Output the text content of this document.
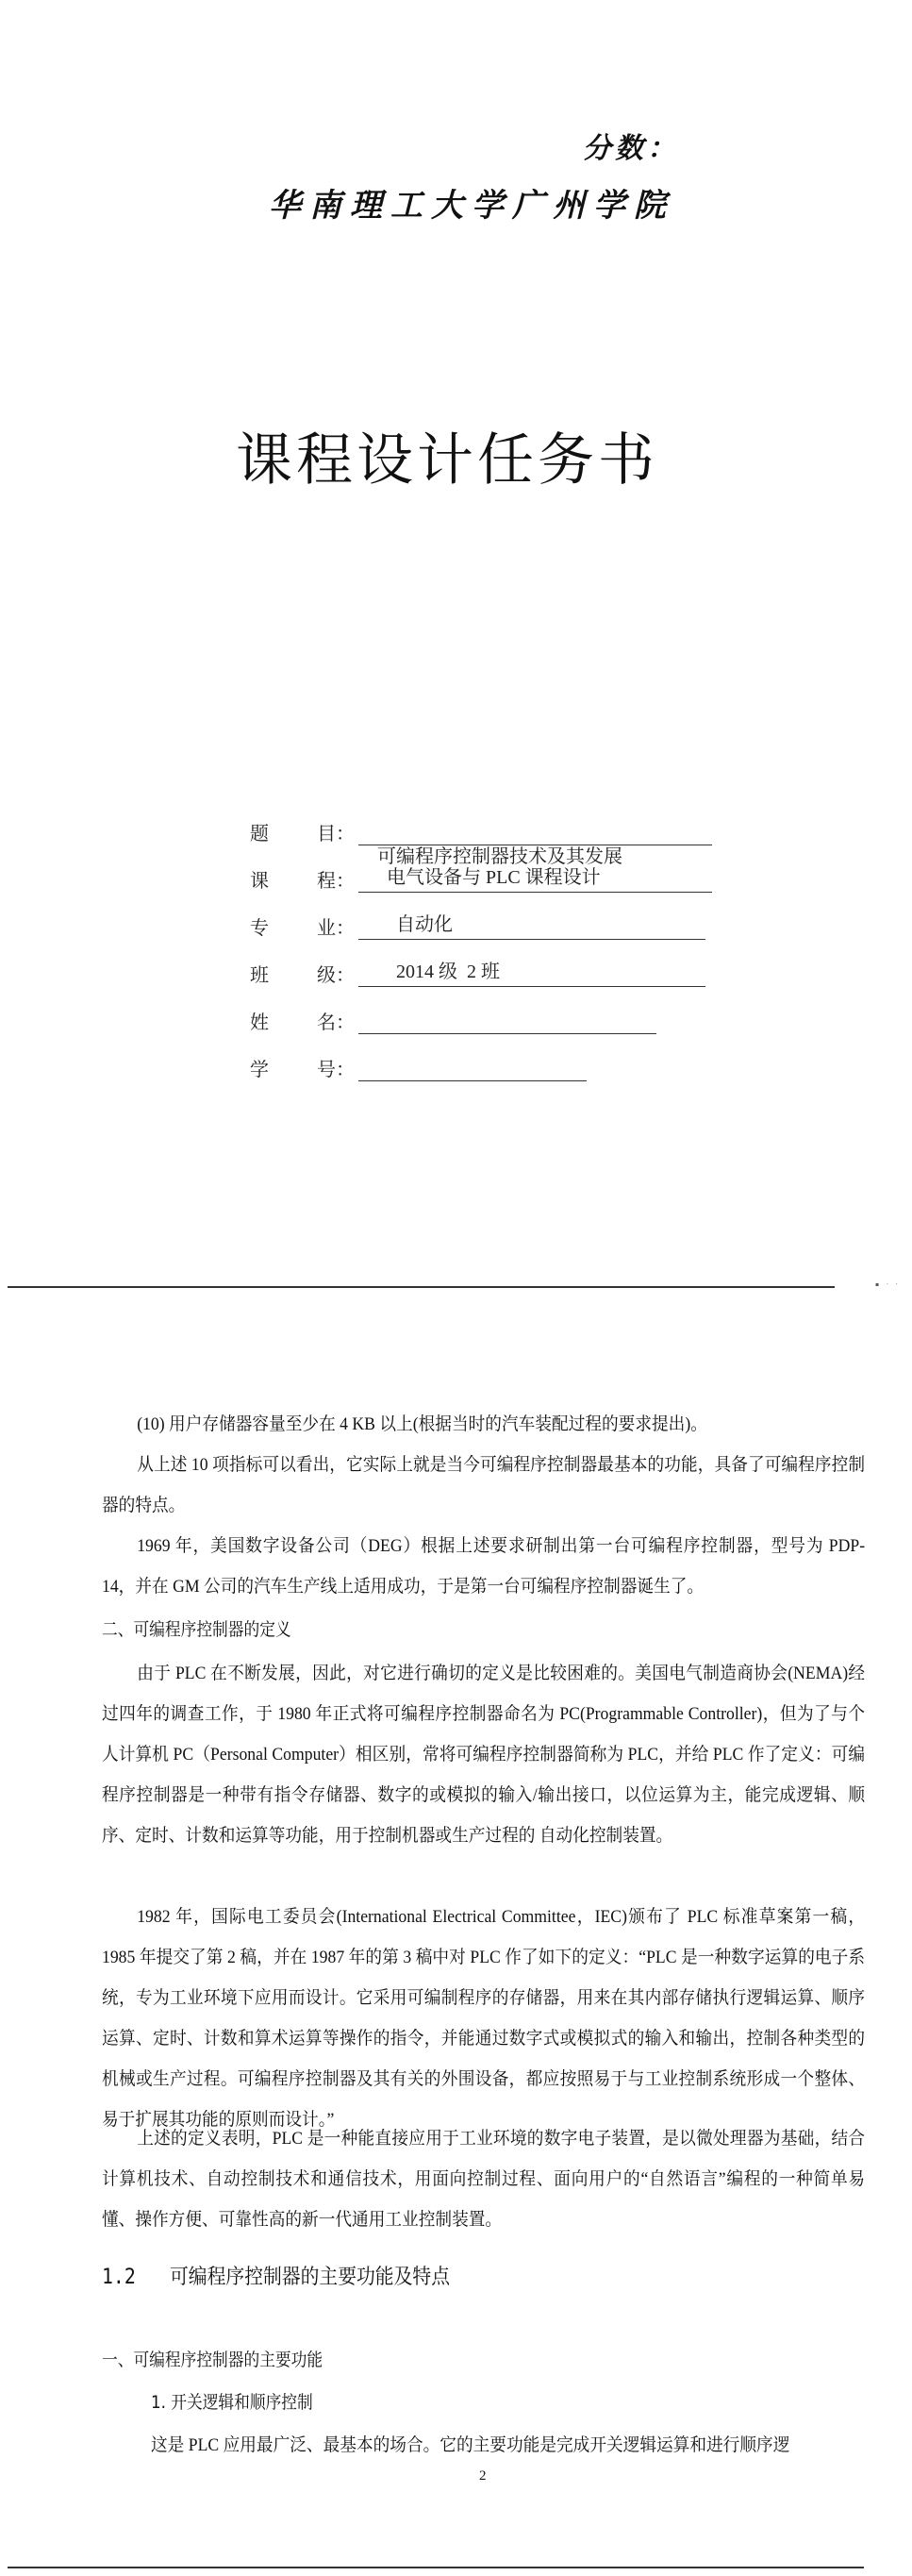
分数：
华南理工大学广州学院
课程设计任务书
题	目：

可编程序控制器技术及其发展

课	程：	电气设备与 PLC 课程设计
专	业：	自动化
班	级：	2014 级  2 班
姓	名：
学	号：
▪ · ·
(10) 用户存储器容量至少在 4 KB 以上(根据当时的汽车装配过程的要求提出)。
从上述 10 项指标可以看出，它实际上就是当今可编程序控制器最基本的功能，具备了可编程序控制器的特点。
1969 年，美国数字设备公司（DEG）根据上述要求研制出第一台可编程序控制器，型号为 PDP-14，并在 GM 公司的汽车生产线上适用成功，于是第一台可编程序控制器诞生了。
二、可编程序控制器的定义
由于 PLC 在不断发展，因此，对它进行确切的定义是比较困难的。美国电气制造商协会(NEMA)经过四年的调查工作，于 1980 年正式将可编程序控制器命名为 PC(Programmable Controller)，但为了与个人计算机 PC（Personal Computer）相区别，常将可编程序控制器简称为 PLC，并给 PLC 作了定义：可编程序控制器是一种带有指令存储器、数字的或模拟的输入/输出接口，以位运算为主，能完成逻辑、顺序、定时、计数和运算等功能，用于控制机器或生产过程的 自动化控制装置。
1982 年，国际电工委员会(International Electrical Committee，IEC)颁布了 PLC 标准草案第一稿，1985 年提交了第 2 稿，并在 1987 年的第 3 稿中对 PLC 作了如下的定义：“PLC 是一种数字运算的电子系统，专为工业环境下应用而设计。它采用可编制程序的存储器，用来在其内部存储执行逻辑运算、顺序运算、定时、计数和算术运算等操作的指令，并能通过数字式或模拟式的输入和输出，控制各种类型的机械或生产过程。可编程序控制器及其有关的外围设备，都应按照易于与工业控制系统形成一个整体、易于扩展其功能的原则而设计。”
上述的定义表明，PLC 是一种能直接应用于工业环境的数字电子装置，是以微处理器为基础，结合计算机技术、自动控制技术和通信技术，用面向控制过程、面向用户的“自然语言”编程的一种简单易懂、操作方便、可靠性高的新一代通用工业控制装置。
1.2 可编程序控制器的主要功能及特点
一、可编程序控制器的主要功能
1. 开关逻辑和顺序控制
这是 PLC 应用最广泛、最基本的场合。它的主要功能是完成开关逻辑运算和进行顺序逻
2
